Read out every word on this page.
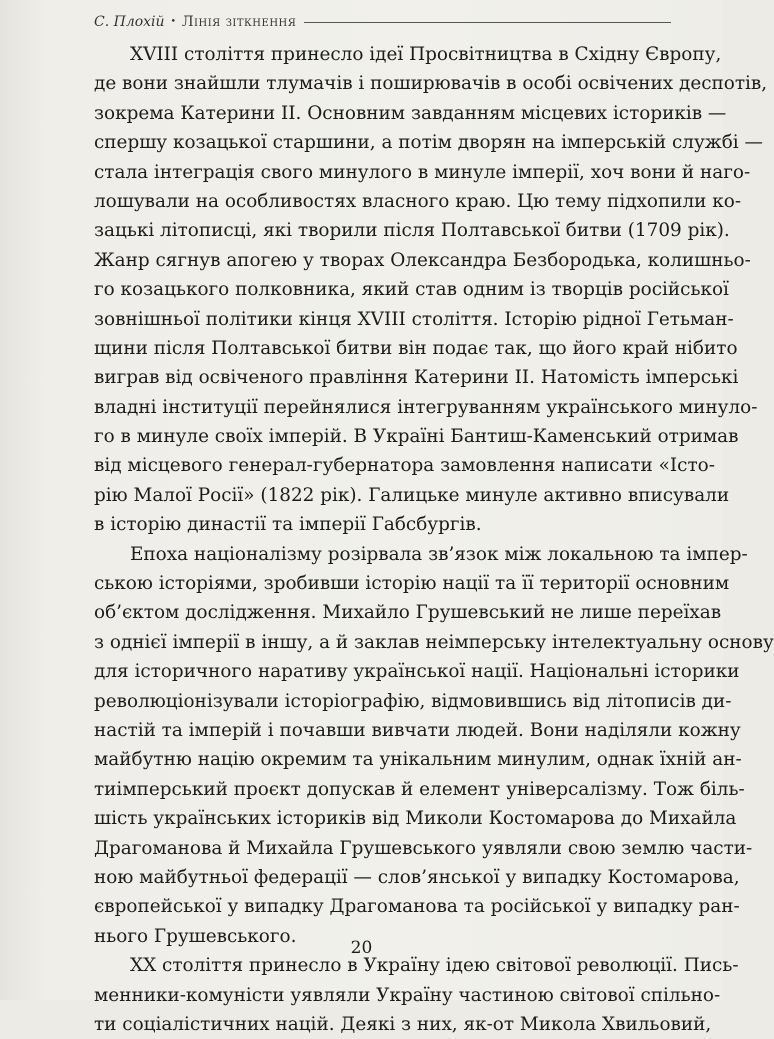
С. Плохій • Лінія зіткнення
XVIII століття принесло ідеї Просвітництва в Східну Європу,
де вони знайшли тлумачів і поширювачів в особі освічених деспотів,
зокрема Катерини II. Основним завданням місцевих істориків —
спершу козацької старшини, а потім дворян на імперській службі —
стала інтеграція свого минулого в минуле імперії, хоч вони й наго-
лошували на особливостях власного краю. Цю тему підхопили ко-
зацькі літописці, які творили після Полтавської битви (1709 рік).
Жанр сягнув апогею у творах Олександра Безбородька, колишньо-
го козацького полковника, який став одним із творців російської
зовнішньої політики кінця XVIII століття. Історію рідної Гетьман-
щини після Полтавської битви він подає так, що його край нібито
виграв від освіченого правління Катерини II. Натомість імперські
владні інституції перейнялися інтегруванням українського минуло-
го в минуле своїх імперій. В Україні Бантиш-Каменський отримав
від місцевого генерал-губернатора замовлення написати «Істо-
рію Малої Росії» (1822 рік). Галицьке минуле активно вписували
в історію династії та імперії Габсбургів.
Епоха націоналізму розірвала зв’язок між локальною та імпер-
ською історіями, зробивши історію нації та її території основним
об’єктом дослідження. Михайло Грушевський не лише переїхав
з однієї імперії в іншу, а й заклав неімперську інтелектуальну основу
для історичного наративу української нації. Національні історики
революціонізували історіографію, відмовившись від літописів ди-
настій та імперій і почавши вивчати людей. Вони наділяли кожну
майбутню націю окремим та унікальним минулим, однак їхній ан-
тиімперський проєкт допускав й елемент універсалізму. Тож біль-
шість українських істориків від Миколи Костомарова до Михайла
Драгоманова й Михайла Грушевського уявляли свою землю части-
ною майбутньої федерації — слов’янської у випадку Костомарова,
європейської у випадку Драгоманова та російської у випадку ран-
нього Грушевського.
XX століття принесло в Україну ідею світової революції. Пись-
менники-комуністи уявляли Україну частиною світової спільно-
ти соціалістичних націй. Деякі з них, як-от Микола Хвильовий,
20
